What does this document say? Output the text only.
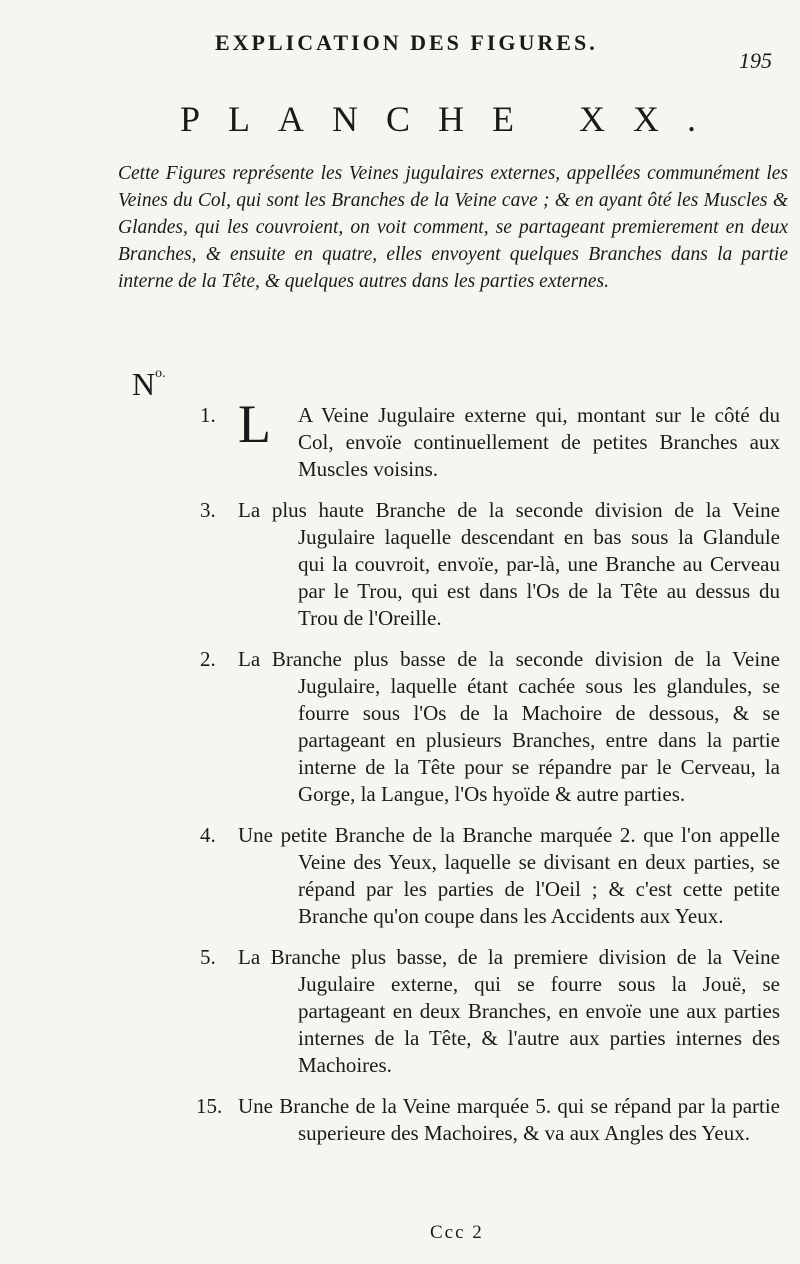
EXPLICATION DES FIGURES.
195
PLANCHE XX.
Cette Figures représente les Veines jugulaires externes, appellées communément les Veines du Col, qui sont les Branches de la Veine cave ; & en ayant ôté les Muscles & Glandes, qui les couvroient, on voit comment, se partageant premierement en deux Branches, & ensuite en quatre, elles envoyent quelques Branches dans la partie interne de la Tête, & quelques autres dans les parties externes.
$N^{o.}$
1. L A Veine Jugulaire externe qui, montant sur le côté du Col, envoïe continuellement de petites Branches aux Muscles voisins.
3.	La plus haute Branche de la seconde division de la Veine Jugulaire laquelle descendant en bas sous la Glandule qui la couvroit, envoïe, par-là, une Branche au Cerveau par le Trou, qui est dans l'Os de la Tête au dessus du Trou de l'Oreille.
2.	La Branche plus basse de la seconde division de la Veine Jugulaire, laquelle étant cachée sous les glandules, se fourre sous l'Os de la Machoire de dessous, & se partageant en plusieurs Branches, entre dans la partie interne de la Tête pour se répandre par le Cerveau, la Gorge, la Langue, l'Os hyoïde & autre parties.
4.	Une petite Branche de la Branche marquée 2. que l'on appelle Veine des Yeux, laquelle se divisant en deux parties, se répand par les parties de l'Oeil ; & c'est cette petite Branche qu'on coupe dans les Accidents aux Yeux.
5.	La Branche plus basse, de la premiere division de la Veine Jugulaire externe, qui se fourre sous la Jouë, se partageant en deux Branches, en envoïe une aux parties internes de la Tête, & l'autre aux parties internes des Machoires.
15. Une Branche de la Veine marquée 5. qui se répand par la partie superieure des Machoires, & va aux Angles des Yeux.
Ccc 2
